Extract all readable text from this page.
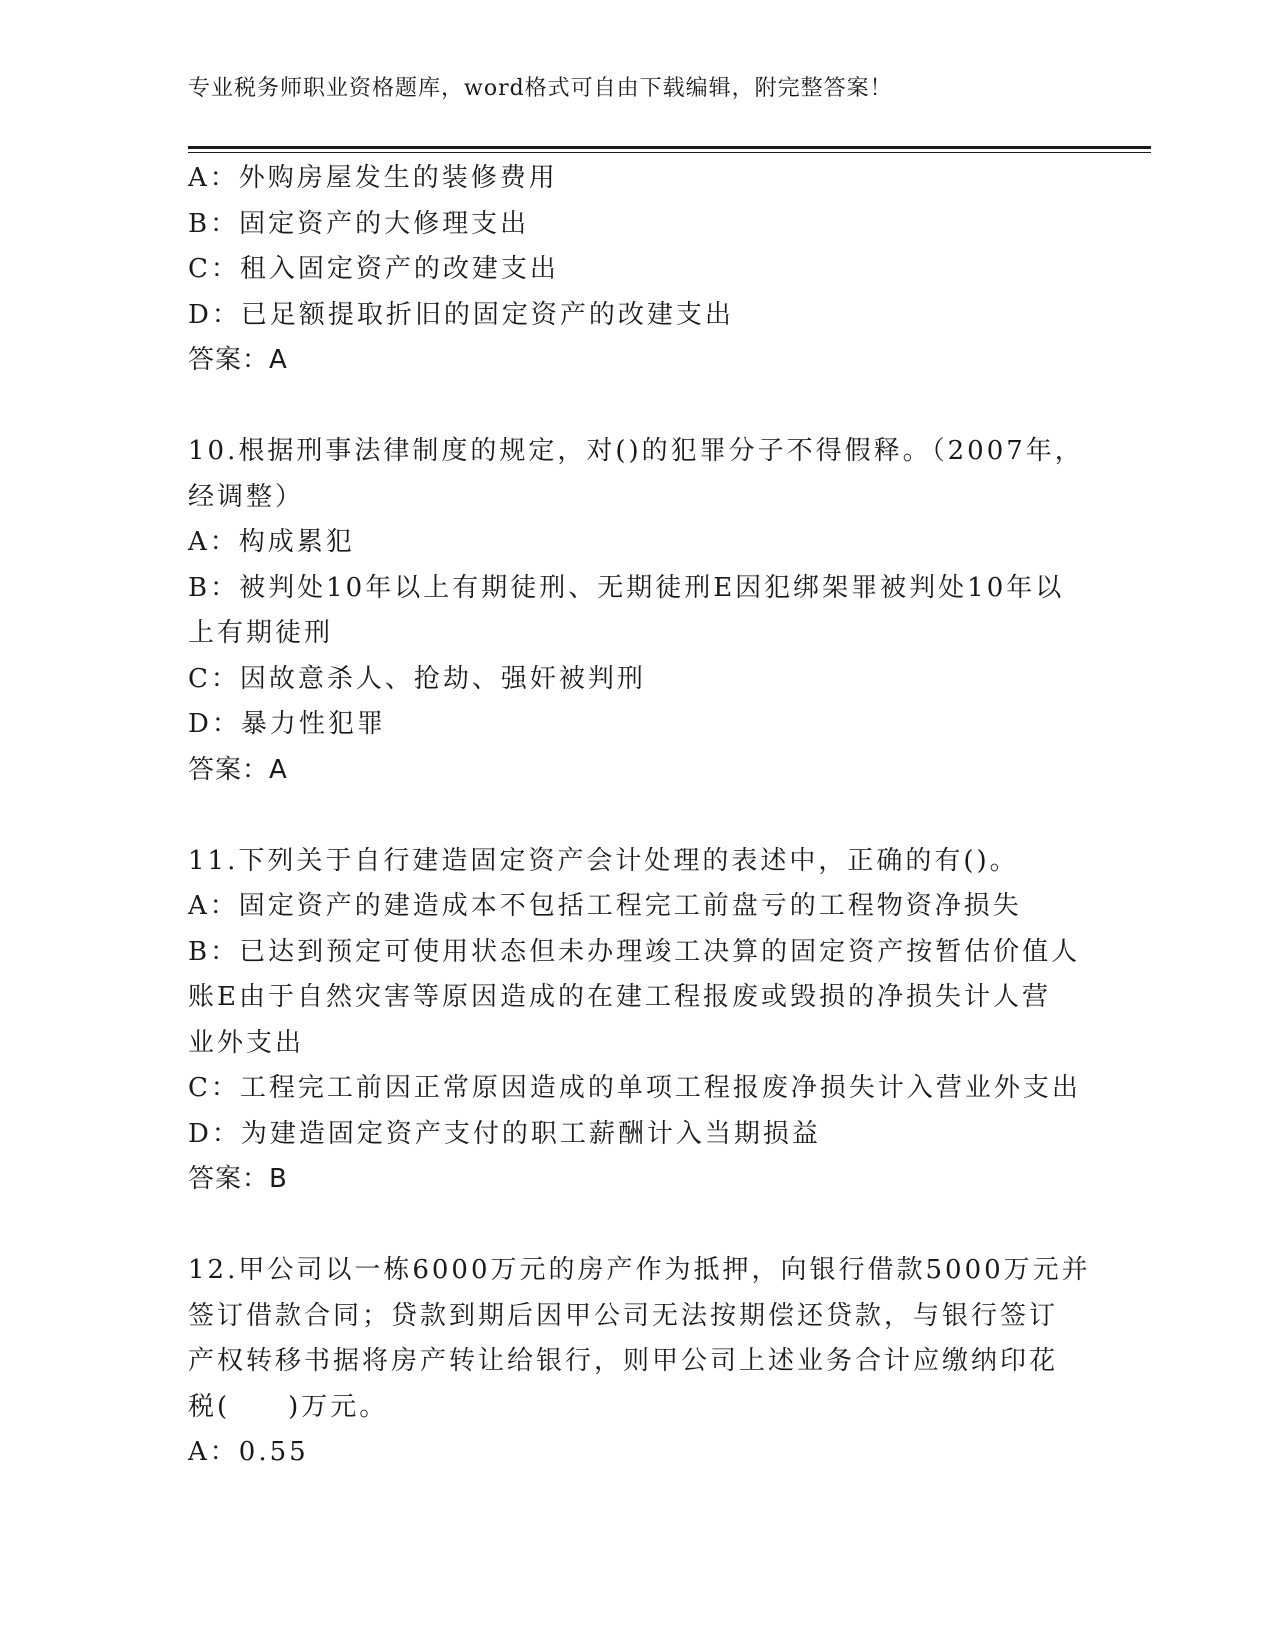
专业税务师职业资格题库，word格式可自由下载编辑，附完整答案！
A：外购房屋发生的装修费用
B：固定资产的大修理支出
C：租入固定资产的改建支出
D：已足额提取折旧的固定资产的改建支出
答案：A
10.根据刑事法律制度的规定，对()的犯罪分子不得假释。（2007年，
经调整）
A：构成累犯
B：被判处10年以上有期徒刑、无期徒刑E因犯绑架罪被判处10年以
上有期徒刑
C：因故意杀人、抢劫、强奸被判刑
D：暴力性犯罪
答案：A
11.下列关于自行建造固定资产会计处理的表述中，正确的有()。
A：固定资产的建造成本不包括工程完工前盘亏的工程物资净损失
B：已达到预定可使用状态但未办理竣工决算的固定资产按暂估价值人
账E由于自然灾害等原因造成的在建工程报废或毁损的净损失计人营
业外支出
C：工程完工前因正常原因造成的单项工程报废净损失计入营业外支出
D：为建造固定资产支付的职工薪酬计入当期损益
答案：B
12.甲公司以一栋6000万元的房产作为抵押，向银行借款5000万元并
签订借款合同；贷款到期后因甲公司无法按期偿还贷款，与银行签订
产权转移书据将房产转让给银行，则甲公司上述业务合计应缴纳印花
税(　　)万元。
A：0.55
